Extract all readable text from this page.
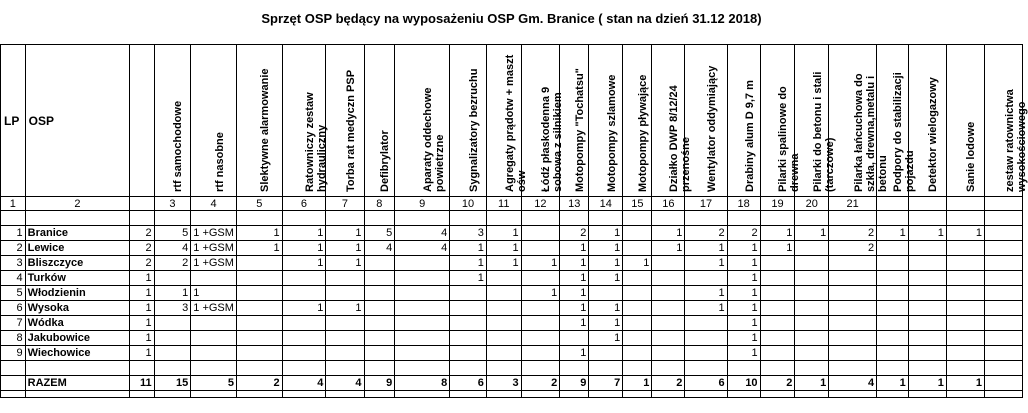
Sprzęt OSP będący na wyposażeniu OSP Gm. Branice ( stan na dzień 31.12 2018)
LP	OSP		rtf samochodowe	rtf nasobne	Slektywne alarmowanie	Ratowniczy zestaw hydrauliczny	Torba rat medyczn PSP	Defibrylator	Aparaty oddechowe powietrzne	Sygnalizatory bezruchu	Agregaty prądotw + maszt ośw	Łódź płaskodenna 9 sobowa z silnikiem	Motopompy "Tochatsu"	Motopompy szlamowe	Motopompy pływające	Działko DWP 8/12/24 przenośne	Wentylator oddymiający	Drabiny alum D 9,7 m	Pilarki spalinowe do drewna	Pilarki do betonu i stali (tarczowe)	Pilarka łańcuchowa do szkła, drewna,metalu i betonu	Podpory do stabilizacji pojazdu	Detektor wielogazowy	Sanie lodowe	zestaw ratownictwa wysokościowego

1	2		3	4	5	6	7	8	9	10	11	12	13	14	15	16	17	18	19	20	21				

1	Branice	2	5	1 +GSM	1	1	1	5	4	3	1		2	1		1	2	2	1	1	2	1	1	1	
2	Lewice	2	4	1 +GSM	1	1	1	4	4	1	1		1	1		1	1	1	1		2				
3	Bliszczyce	2	2	1 +GSM		1	1			1	1	1	1	1	1		1	1							
4	Turków	1								1			1	1				1							
5	Włodzienin	1	1	1								1	1				1	1							
6	Wysoka	1	3	1 +GSM		1	1						1	1			1	1							
7	Wódka	1											1	1				1							
8	Jakubowice	1												1				1							
9	Wiechowice	1											1					1							

	RAZEM	11	15	5	2	4	4	9	8	6	3	2	9	7	1	2	6	10	2	1	4	1	1	1	
